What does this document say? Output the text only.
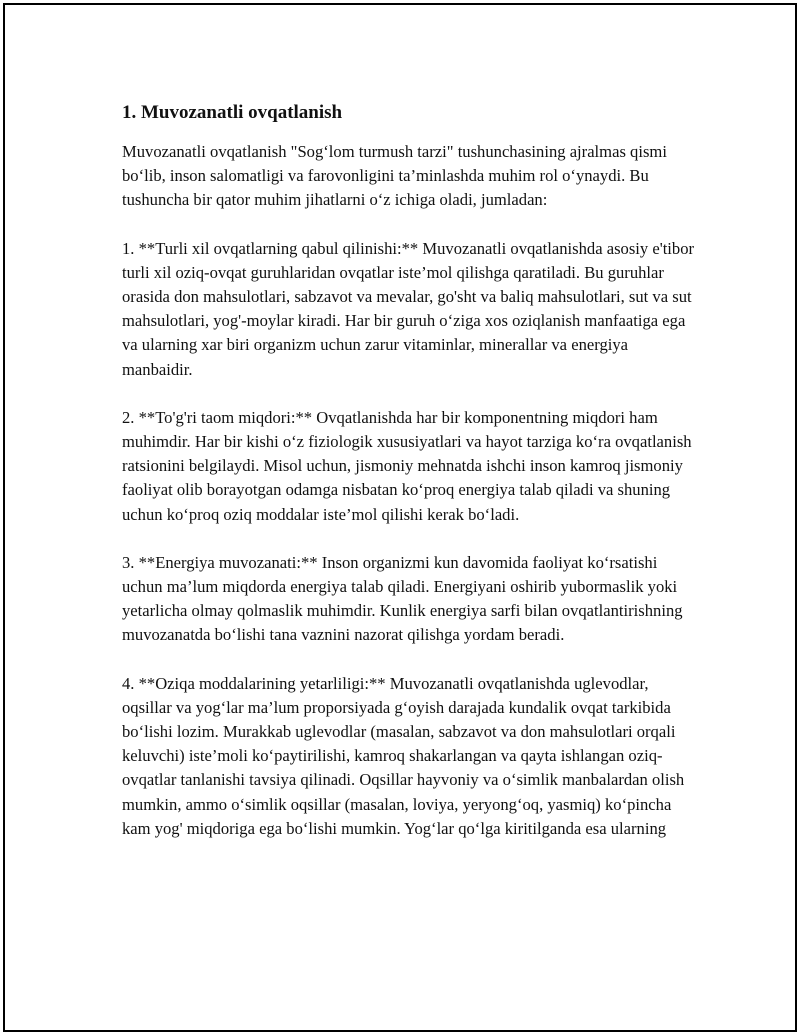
1. Muvozanatli ovqatlanish

Muvozanatli ovqatlanish "Sog‘lom turmush tarzi" tushunchasining ajralmas qismi bo‘lib, inson salomatligi va farovonligini ta’minlashda muhim rol o‘ynaydi. Bu tushuncha bir qator muhim jihatlarni o‘z ichiga oladi, jumladan:

1. **Turli xil ovqatlarning qabul qilinishi:** Muvozanatli ovqatlanishda asosiy e'tibor turli xil oziq-ovqat guruhlaridan ovqatlar iste’mol qilishga qaratiladi. Bu guruhlar orasida don mahsulotlari, sabzavot va mevalar, go'sht va baliq mahsulotlari, sut va sut mahsulotlari, yog'-moylar kiradi. Har bir guruh o‘ziga xos oziqlanish manfaatiga ega va ularning xar biri organizm uchun zarur vitaminlar, minerallar va energiya manbaidir.

2. **To'g'ri taom miqdori:** Ovqatlanishda har bir komponentning miqdori ham muhimdir. Har bir kishi o‘z fiziologik xususiyatlari va hayot tarziga ko‘ra ovqatlanish ratsionini belgilaydi. Misol uchun, jismoniy mehnatda ishchi inson kamroq jismoniy faoliyat olib borayotgan odamga nisbatan ko‘proq energiya talab qiladi va shuning uchun ko‘proq oziq moddalar iste’mol qilishi kerak bo‘ladi.

3. **Energiya muvozanati:** Inson organizmi kun davomida faoliyat ko‘rsatishi uchun ma’lum miqdorda energiya talab qiladi. Energiyani oshirib yubormaslik yoki yetarlicha olmay qolmaslik muhimdir. Kunlik energiya sarfi bilan ovqatlantirishning muvozanatda bo‘lishi tana vaznini nazorat qilishga yordam beradi.

4. **Oziqa moddalarining yetarliligi:** Muvozanatli ovqatlanishda uglevodlar, oqsillar va yog‘lar ma’lum proporsiyada g‘oyish darajada kundalik ovqat tarkibida bo‘lishi lozim. Murakkab uglevodlar (masalan, sabzavot va don mahsulotlari orqali keluvchi) iste’moli ko‘paytirilishi, kamroq shakarlangan va qayta ishlangan oziq-ovqatlar tanlanishi tavsiya qilinadi. Oqsillar hayvoniy va o‘simlik manbalardan olish mumkin, ammo o‘simlik oqsillar (masalan, loviya, yeryong‘oq, yasmiq) ko‘pincha kam yog' miqdoriga ega bo‘lishi mumkin. Yog‘lar qo‘lga kiritilganda esa ularning
